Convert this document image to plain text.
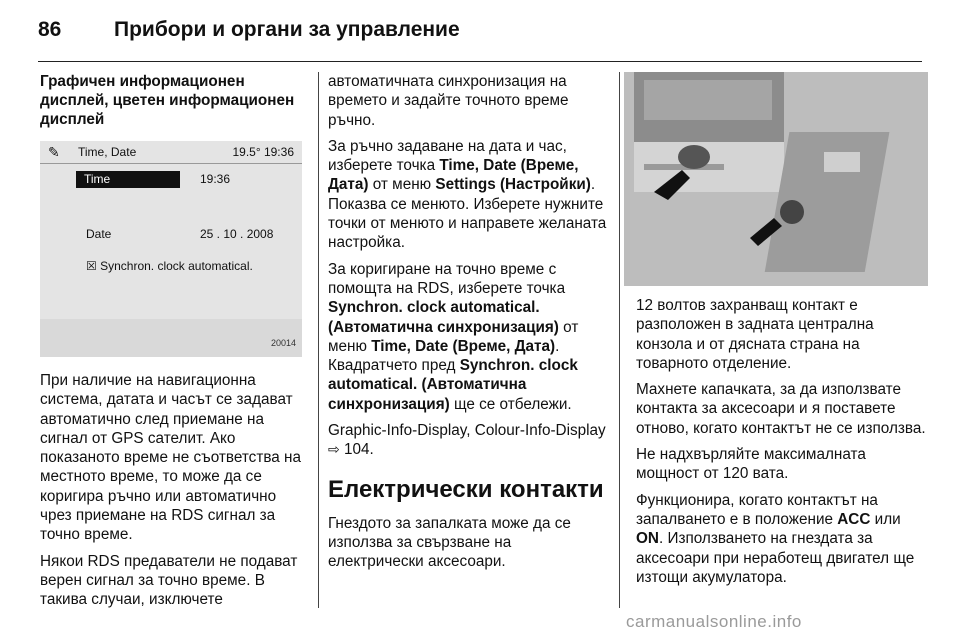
86	Прибори и органи за управление
Графичен информационен дисплей, цветен информационен дисплей
✎ Time, Date	19.5° 19:36
Time	19:36
Date	25 . 10 . 2008
☒ Synchron. clock automatical.
20014

При наличие на навигационна система, датата и часът се задават автоматично след приемане на сигнал от GPS сателит. Ако показаното време не съответства на местното време, то може да се коригира ръчно или автоматично чрез приемане на RDS сигнал за точно време.

Някои RDS предаватели не подават верен сигнал за точно време. В такива случаи, изключете

автоматичната синхронизация на времето и задайте точното време ръчно.

За ръчно задаване на дата и час, изберете точка Time, Date (Време, Дата) от меню Settings (Настройки). Показва се менюто. Изберете нужните точки от менюто и направете желаната настройка.

За коригиране на точно време с помощта на RDS, изберете точка Synchron. clock automatical. (Автоматична синхронизация) от меню Time, Date (Време, Дата). Квадратчето пред Synchron. clock automatical. (Автоматична синхронизация) ще се отбележи.

Graphic-Info-Display, Colour-Info-Display ⇨ 104.

Електрически контакти

Гнездото за запалката може да се използва за свързване на електрически аксесоари.

12 волтов захранващ контакт е разположен в задната централна конзола и от дясната страна на товарното отделение.

Махнете капачката, за да използвате контакта за аксесоари и я поставете отново, когато контактът не се използва.

Не надхвърляйте максималната мощност от 120 вата.

Функционира, когато контактът на запалването е в положение ACC или ON. Използването на гнездата за аксесоари при неработещ двигател ще изтощи акумулатора.

carmanualsonline.info
